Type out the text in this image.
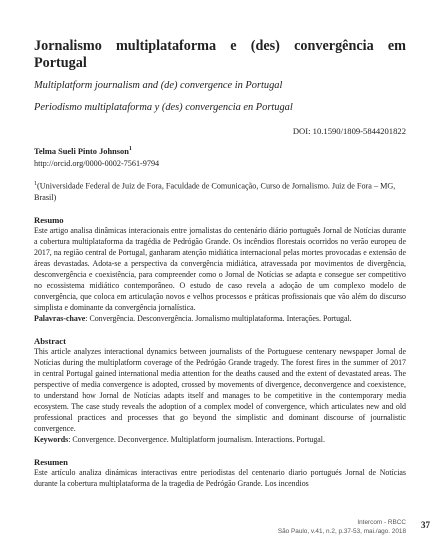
Jornalismo multiplataforma e (des) convergência em Portugal

Multiplatform journalism and (de) convergence in Portugal

Periodismo multiplataforma y (des) convergencia en Portugal

DOI: 10.1590/1809-5844201822
Telma Sueli Pinto Johnson$^1$
http://orcid.org/0000-0002-7561-9794
$^1$(Universidade Federal de Juiz de Fora, Faculdade de Comunicação, Curso de Jornalismo. Juiz de Fora – MG, Brasil)
Resumo
Este artigo analisa dinâmicas interacionais entre jornalistas do centenário diário português Jornal de Notícias durante a cobertura multiplataforma da tragédia de Pedrógão Grande. Os incêndios florestais ocorridos no verão europeu de 2017, na região central de Portugal, ganharam atenção midiática internacional pelas mortes provocadas e extensão de áreas devastadas. Adota-se a perspectiva da convergência midiática, atravessada por movimentos de divergência, desconvergência e coexistência, para compreender como o Jornal de Notícias se adapta e consegue ser competitivo no ecossistema midiático contemporâneo. O estudo de caso revela a adoção de um complexo modelo de convergência, que coloca em articulação novos e velhos processos e práticas profissionais que vão além do discurso simplista e dominante da convergência jornalística.
Palavras-chave: Convergência. Desconvergência. Jornalismo multiplataforma. Interações. Portugal.
Abstract
This article analyzes interactional dynamics between journalists of the Portuguese centenary newspaper Jornal de Notícias during the multiplatform coverage of the Pedrógão Grande tragedy. The forest fires in the summer of 2017 in central Portugal gained international media attention for the deaths caused and the extent of devastated areas. The perspective of media convergence is adopted, crossed by movements of divergence, deconvergence and coexistence, to understand how Jornal de Notícias adapts itself and manages to be competitive in the contemporary media ecosystem. The case study reveals the adoption of a complex model of convergence, which articulates new and old professional practices and processes that go beyond the simplistic and dominant discourse of journalistic convergence.
Keywords: Convergence. Deconvergence. Multiplatform journalism. Interactions. Portugal.
Resumen
Este artículo analiza dinámicas interactivas entre periodistas del centenario diario portugués Jornal de Notícias durante la cobertura multiplataforma de la tragedia de Pedrógão Grande. Los incendios
Intercom - RBCC
São Paulo, v.41, n.2, p.37-53, mai./ago. 2018
37
